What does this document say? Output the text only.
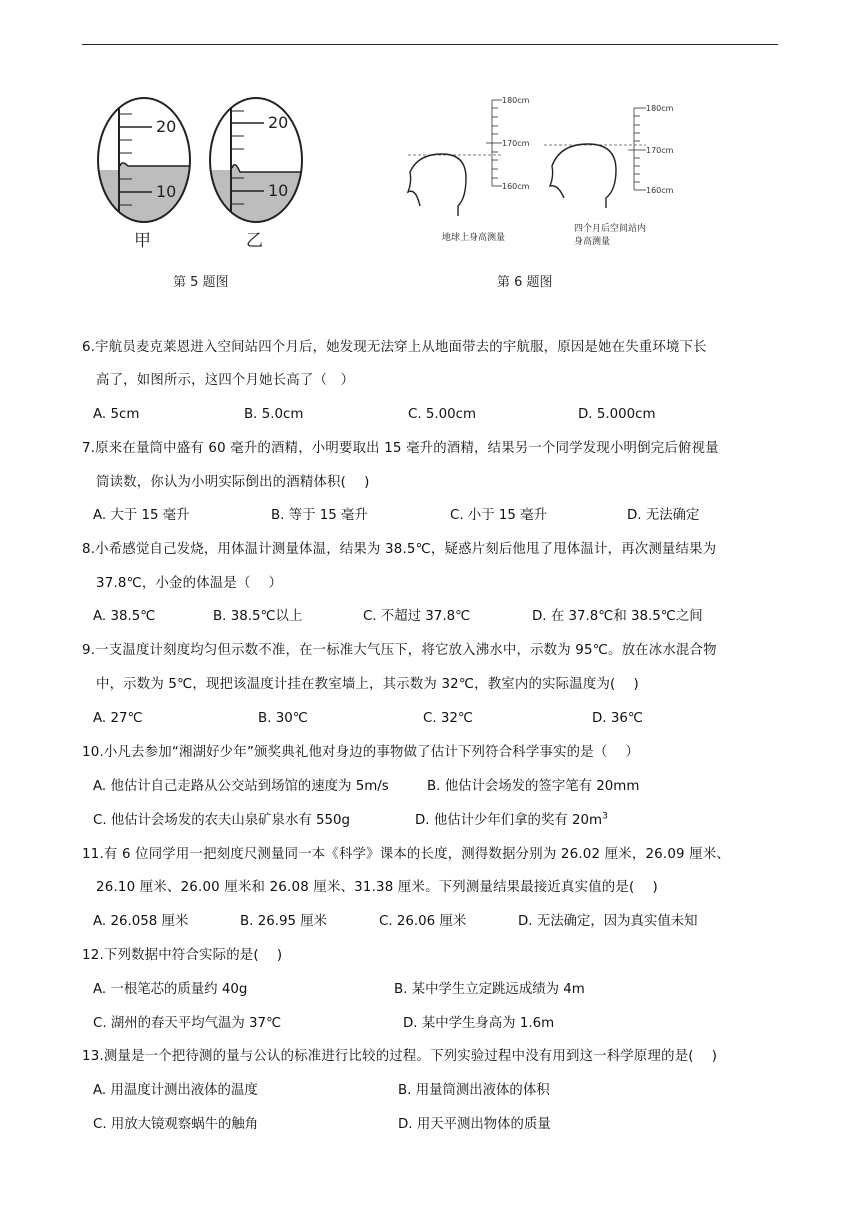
20
10
甲
20
10
乙
180cm
170cm
160cm
地球上身高测量
180cm
170cm
160cm
四个月后空间站内
身高测量
第 5 题图	第 6 题图
6.宇航员麦克莱恩进入空间站四个月后，她发现无法穿上从地面带去的宇航服，原因是她在失重环境下长
高了，如图所示，这四个月她长高了（　）
A. 5cm	B. 5.0cm	C. 5.00cm	D. 5.000cm
7.原来在量筒中盛有 60 毫升的酒精，小明要取出 15 毫升的酒精，结果另一个同学发现小明倒完后俯视量
筒读数，你认为小明实际倒出的酒精体积(　 )
A. 大于 15 毫升	B. 等于 15 毫升	C. 小于 15 毫升	D. 无法确定
8.小希感觉自己发烧，用体温计测量体温，结果为 38.5℃，疑惑片刻后他甩了甩体温计，再次测量结果为
37.8℃，小金的体温是（　 ）
A. 38.5℃	B. 38.5℃以上	C. 不超过 37.8℃	D. 在 37.8℃和 38.5℃之间
9.一支温度计刻度均匀但示数不准，在一标准大气压下，将它放入沸水中，示数为 95℃。放在冰水混合物
中，示数为 5℃，现把该温度计挂在教室墙上，其示数为 32℃，教室内的实际温度为(　 )
A. 27℃	B. 30℃	C. 32℃	D. 36℃
10.小凡去参加“湘湖好少年”颁奖典礼他对身边的事物做了估计下列符合科学事实的是（　 ）
A. 他估计自己走路从公交站到场馆的速度为 5m/s	B. 他估计会场发的签字笔有 20mm
C. 他估计会场发的农夫山泉矿泉水有 550g	D. 他估计少年们拿的奖有 $20m^3$
11.有 6 位同学用一把刻度尺测量同一本《科学》课本的长度，测得数据分别为 26.02 厘米，26.09 厘米、
26.10 厘米、26.00 厘米和 26.08 厘米、31.38 厘米。下列测量结果最接近真实值的是(　 )
A. 26.058 厘米	B. 26.95 厘米	C. 26.06 厘米	D. 无法确定，因为真实值未知
12.下列数据中符合实际的是(　 )
A. 一根笔芯的质量约 40g	B. 某中学生立定跳远成绩为 4m
C. 湖州的春天平均气温为 37℃	D. 某中学生身高为 1.6m
13.测量是一个把待测的量与公认的标准进行比较的过程。下列实验过程中没有用到这一科学原理的是(　 )
A. 用温度计测出液体的温度	B. 用量筒测出液体的体积
C. 用放大镜观察蜗牛的触角	D. 用天平测出物体的质量
